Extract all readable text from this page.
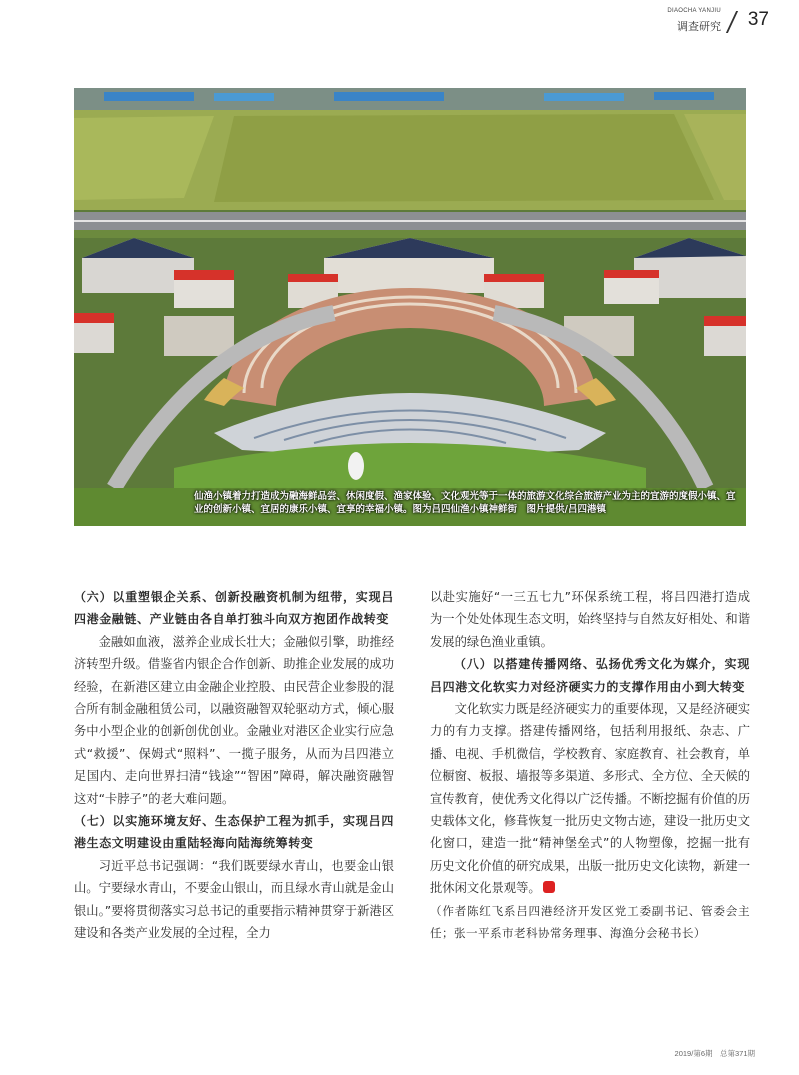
DIAOCHA YANJIU
调查研究 37
仙渔小镇着力打造成为融海鲜品尝、休闲度假、渔家体验、文化观光等于一体的旅游文化综合旅游产业为主的宜游的度假小镇、宜业的创新小镇、宜居的康乐小镇、宜享的幸福小镇。图为吕四仙渔小镇神鲜街　图片提供/吕四港镇

（六）以重塑银企关系、创新投融资机制为纽带，实现吕四港金融链、产业链由各自单打独斗向双方抱团作战转变

金融如血液，滋养企业成长壮大；金融似引擎，助推经济转型升级。借鉴省内银企合作创新、助推企业发展的成功经验，在新港区建立由金融企业控股、由民营企业参股的混合所有制金融租赁公司，以融资融智双轮驱动方式，倾心服务中小型企业的创新创优创业。金融业对港区企业实行应急式“救援”、保姆式“照料”、一揽子服务，从而为吕四港立足国内、走向世界扫清“钱途”“智困”障碍，解决融资融智这对“卡脖子”的老大难问题。

（七）以实施环境友好、生态保护工程为抓手，实现吕四港生态文明建设由重陆轻海向陆海统筹转变

习近平总书记强调：“我们既要绿水青山，也要金山银山。宁要绿水青山，不要金山银山，而且绿水青山就是金山银山。”要将贯彻落实习总书记的重要指示精神贯穿于新港区建设和各类产业发展的全过程，全力

以赴实施好“一三五七九”环保系统工程，将吕四港打造成为一个处处体现生态文明，始终坚持与自然友好相处、和谐发展的绿色渔业重镇。

（八）以搭建传播网络、弘扬优秀文化为媒介，实现吕四港文化软实力对经济硬实力的支撑作用由小到大转变

文化软实力既是经济硬实力的重要体现，又是经济硬实力的有力支撑。搭建传播网络，包括利用报纸、杂志、广播、电视、手机微信，学校教育、家庭教育、社会教育，单位橱窗、板报、墙报等多渠道、多形式、全方位、全天候的宣传教育，使优秀文化得以广泛传播。不断挖掘有价值的历史载体文化，修葺恢复一批历史文物古迹，建设一批历史文化窗口，建造一批“精神堡垒式”的人物塑像，挖掘一批有历史文化价值的研究成果，出版一批历史文化读物，新建一批休闲文化景观等。

（作者陈红飞系吕四港经济开发区党工委副书记、管委会主任；张一平系市老科协常务理事、海渔分会秘书长）

2019/第6期　总第371期
